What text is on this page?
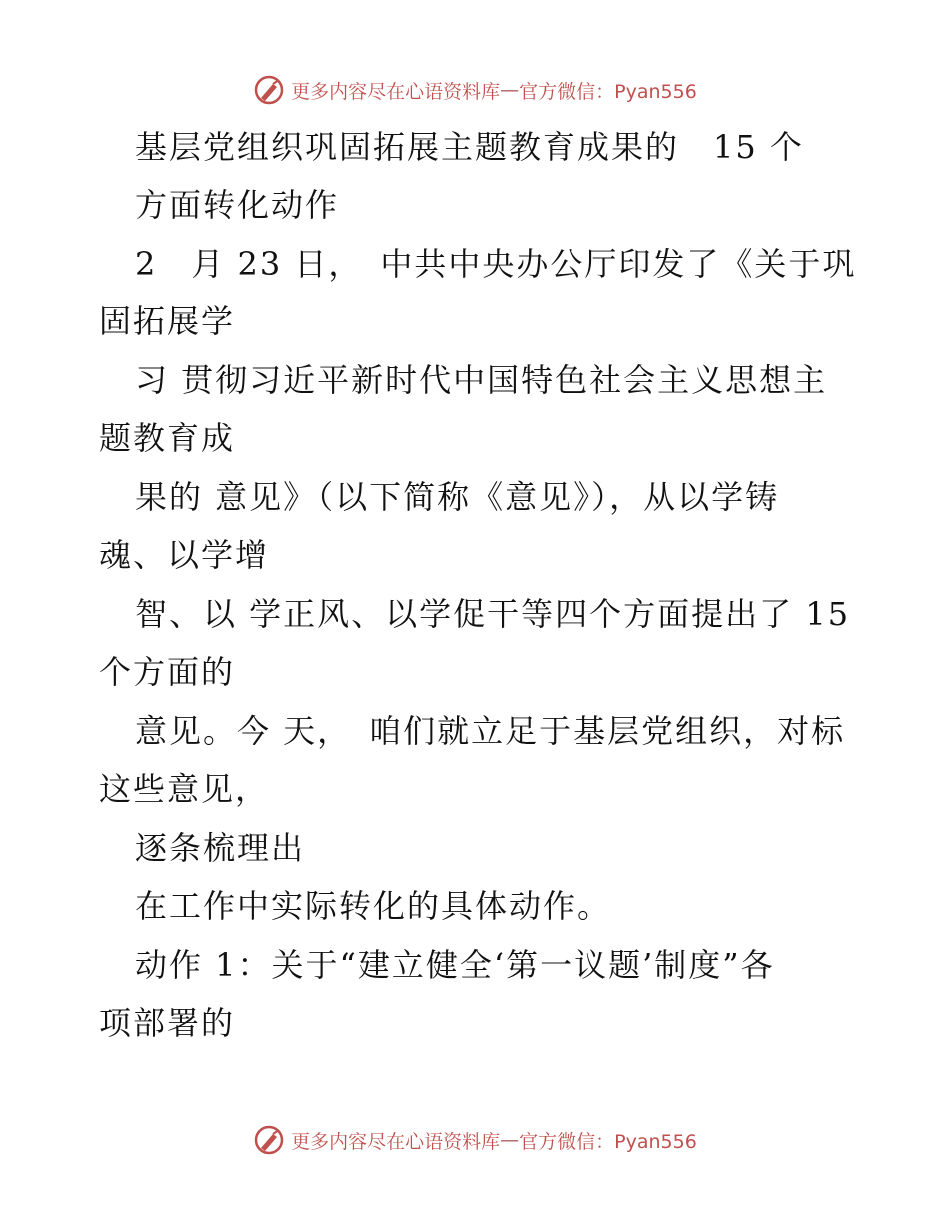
更多内容尽在心语资料库 — 官方微信：Pyan556
基层党组织巩固拓展主题教育成果的　15 个
方面转化动作
2　月 23 日，　中共中央办公厅印发了《关于巩
固拓展学
习 贯彻习近平新时代中国特色社会主义思想主
题教育成
果的 意见》（以下简称《意见》），从以学铸
魂、以学增
智、以 学正风、以学促干等四个方面提出了 15
个方面的
意见。今 天，　咱们就立足于基层党组织，对标
这些意见，
逐条梳理出
在工作中实际转化的具体动作。
动作 1：关于“建立健全‘第一议题’制度”各
项部署的
更多内容尽在心语资料库 — 官方微信：Pyan556
